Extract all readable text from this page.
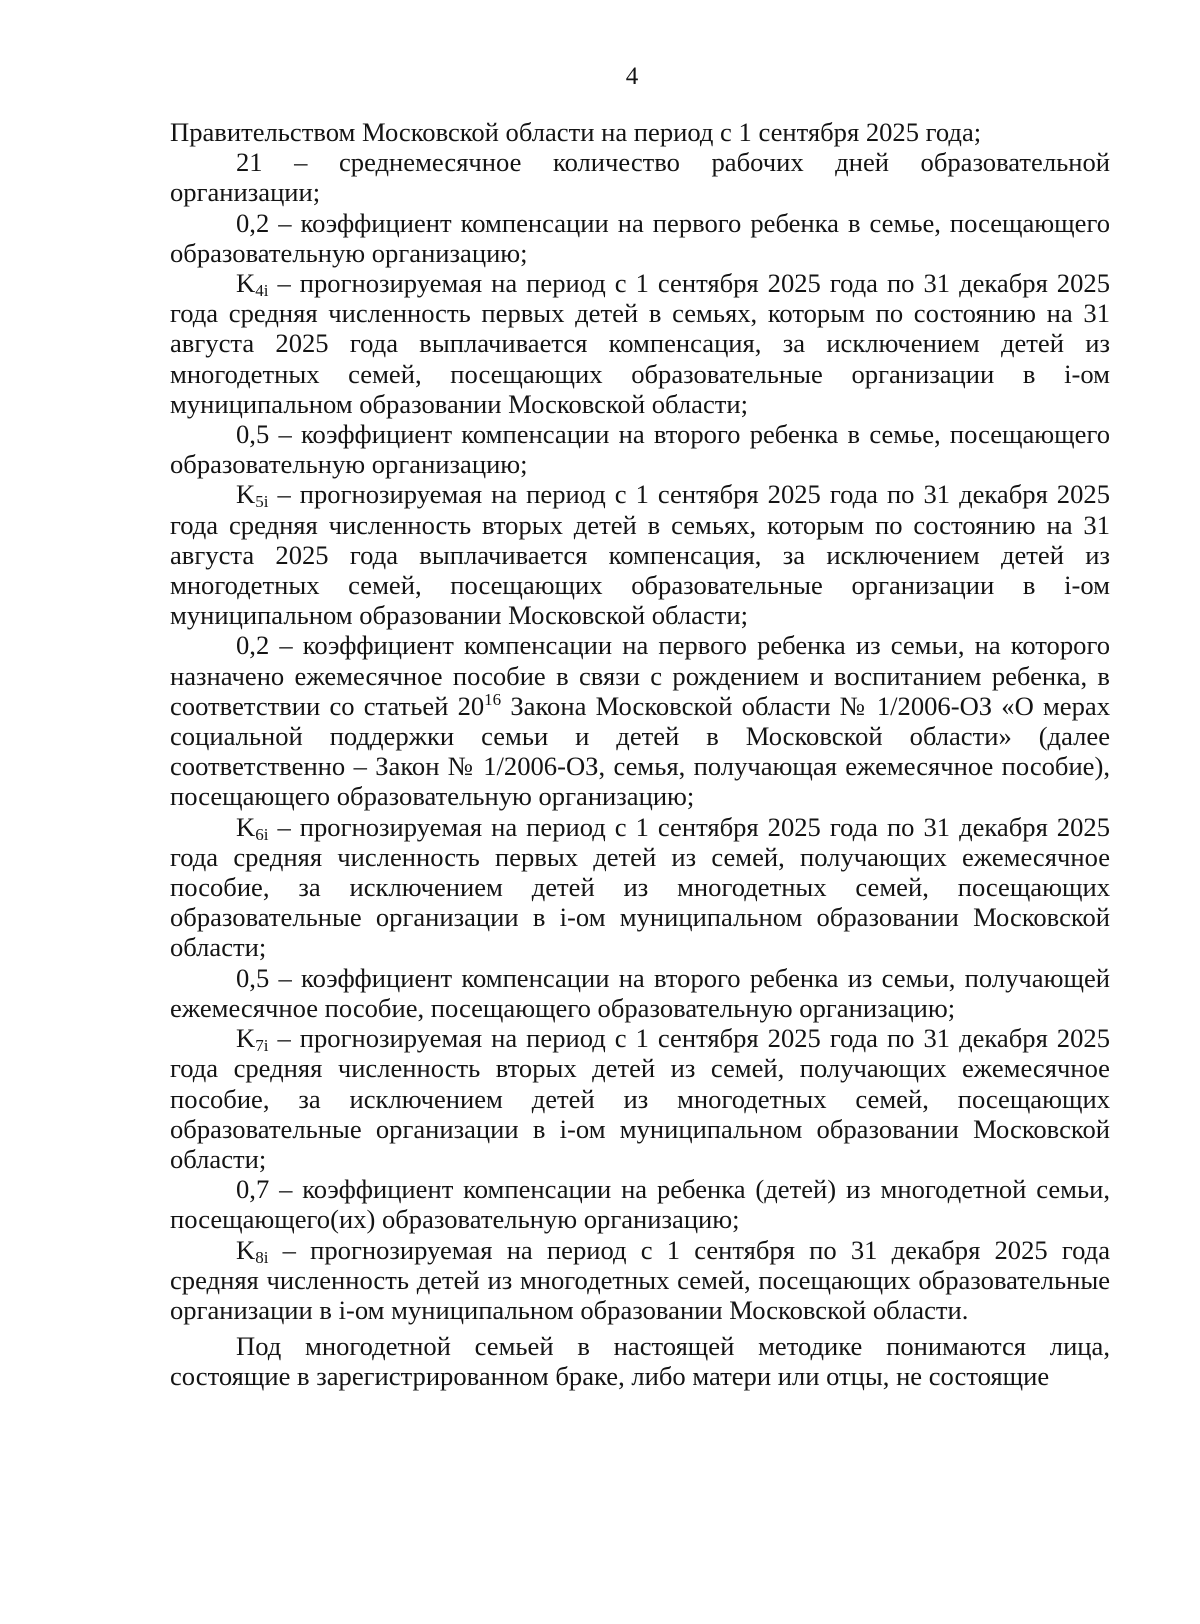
4

Правительством Московской области на период с 1 сентября 2025 года;

21 – среднемесячное количество рабочих дней образовательной организации;

0,2 – коэффициент компенсации на первого ребенка в семье, посещающего образовательную организацию;

$K_{4i}$ – прогнозируемая на период с 1 сентября 2025 года по 31 декабря 2025 года средняя численность первых детей в семьях, которым по состоянию на 31 августа 2025 года выплачивается компенсация, за исключением детей из многодетных семей, посещающих образовательные организации в i-ом муниципальном образовании Московской области;

0,5 – коэффициент компенсации на второго ребенка в семье, посещающего образовательную организацию;

$K_{5i}$ – прогнозируемая на период с 1 сентября 2025 года по 31 декабря 2025 года средняя численность вторых детей в семьях, которым по состоянию на 31 августа 2025 года выплачивается компенсация, за исключением детей из многодетных семей, посещающих образовательные организации в i-ом муниципальном образовании Московской области;

0,2 – коэффициент компенсации на первого ребенка из семьи, на которого назначено ежемесячное пособие в связи с рождением и воспитанием ребенка, в соответствии со статьей $20^{16}$ Закона Московской области № 1/2006-ОЗ «О мерах социальной поддержки семьи и детей в Московской области» (далее соответственно – Закон № 1/2006-ОЗ, семья, получающая ежемесячное пособие), посещающего образовательную организацию;

$K_{6i}$ – прогнозируемая на период с 1 сентября 2025 года по 31 декабря 2025 года средняя численность первых детей из семей, получающих ежемесячное пособие, за исключением детей из многодетных семей, посещающих образовательные организации в i-ом муниципальном образовании Московской области;

0,5 – коэффициент компенсации на второго ребенка из семьи, получающей ежемесячное пособие, посещающего образовательную организацию;

$K_{7i}$ – прогнозируемая на период с 1 сентября 2025 года по 31 декабря 2025 года средняя численность вторых детей из семей, получающих ежемесячное пособие, за исключением детей из многодетных семей, посещающих образовательные организации в i-ом муниципальном образовании Московской области;

0,7 – коэффициент компенсации на ребенка (детей) из многодетной семьи, посещающего(их) образовательную организацию;

$K_{8i}$ – прогнозируемая на период с 1 сентября по 31 декабря 2025 года средняя численность детей из многодетных семей, посещающих образовательные организации в i-ом муниципальном образовании Московской области.

Под многодетной семьей в настоящей методике понимаются лица, состоящие в зарегистрированном браке, либо матери или отцы, не состоящие
